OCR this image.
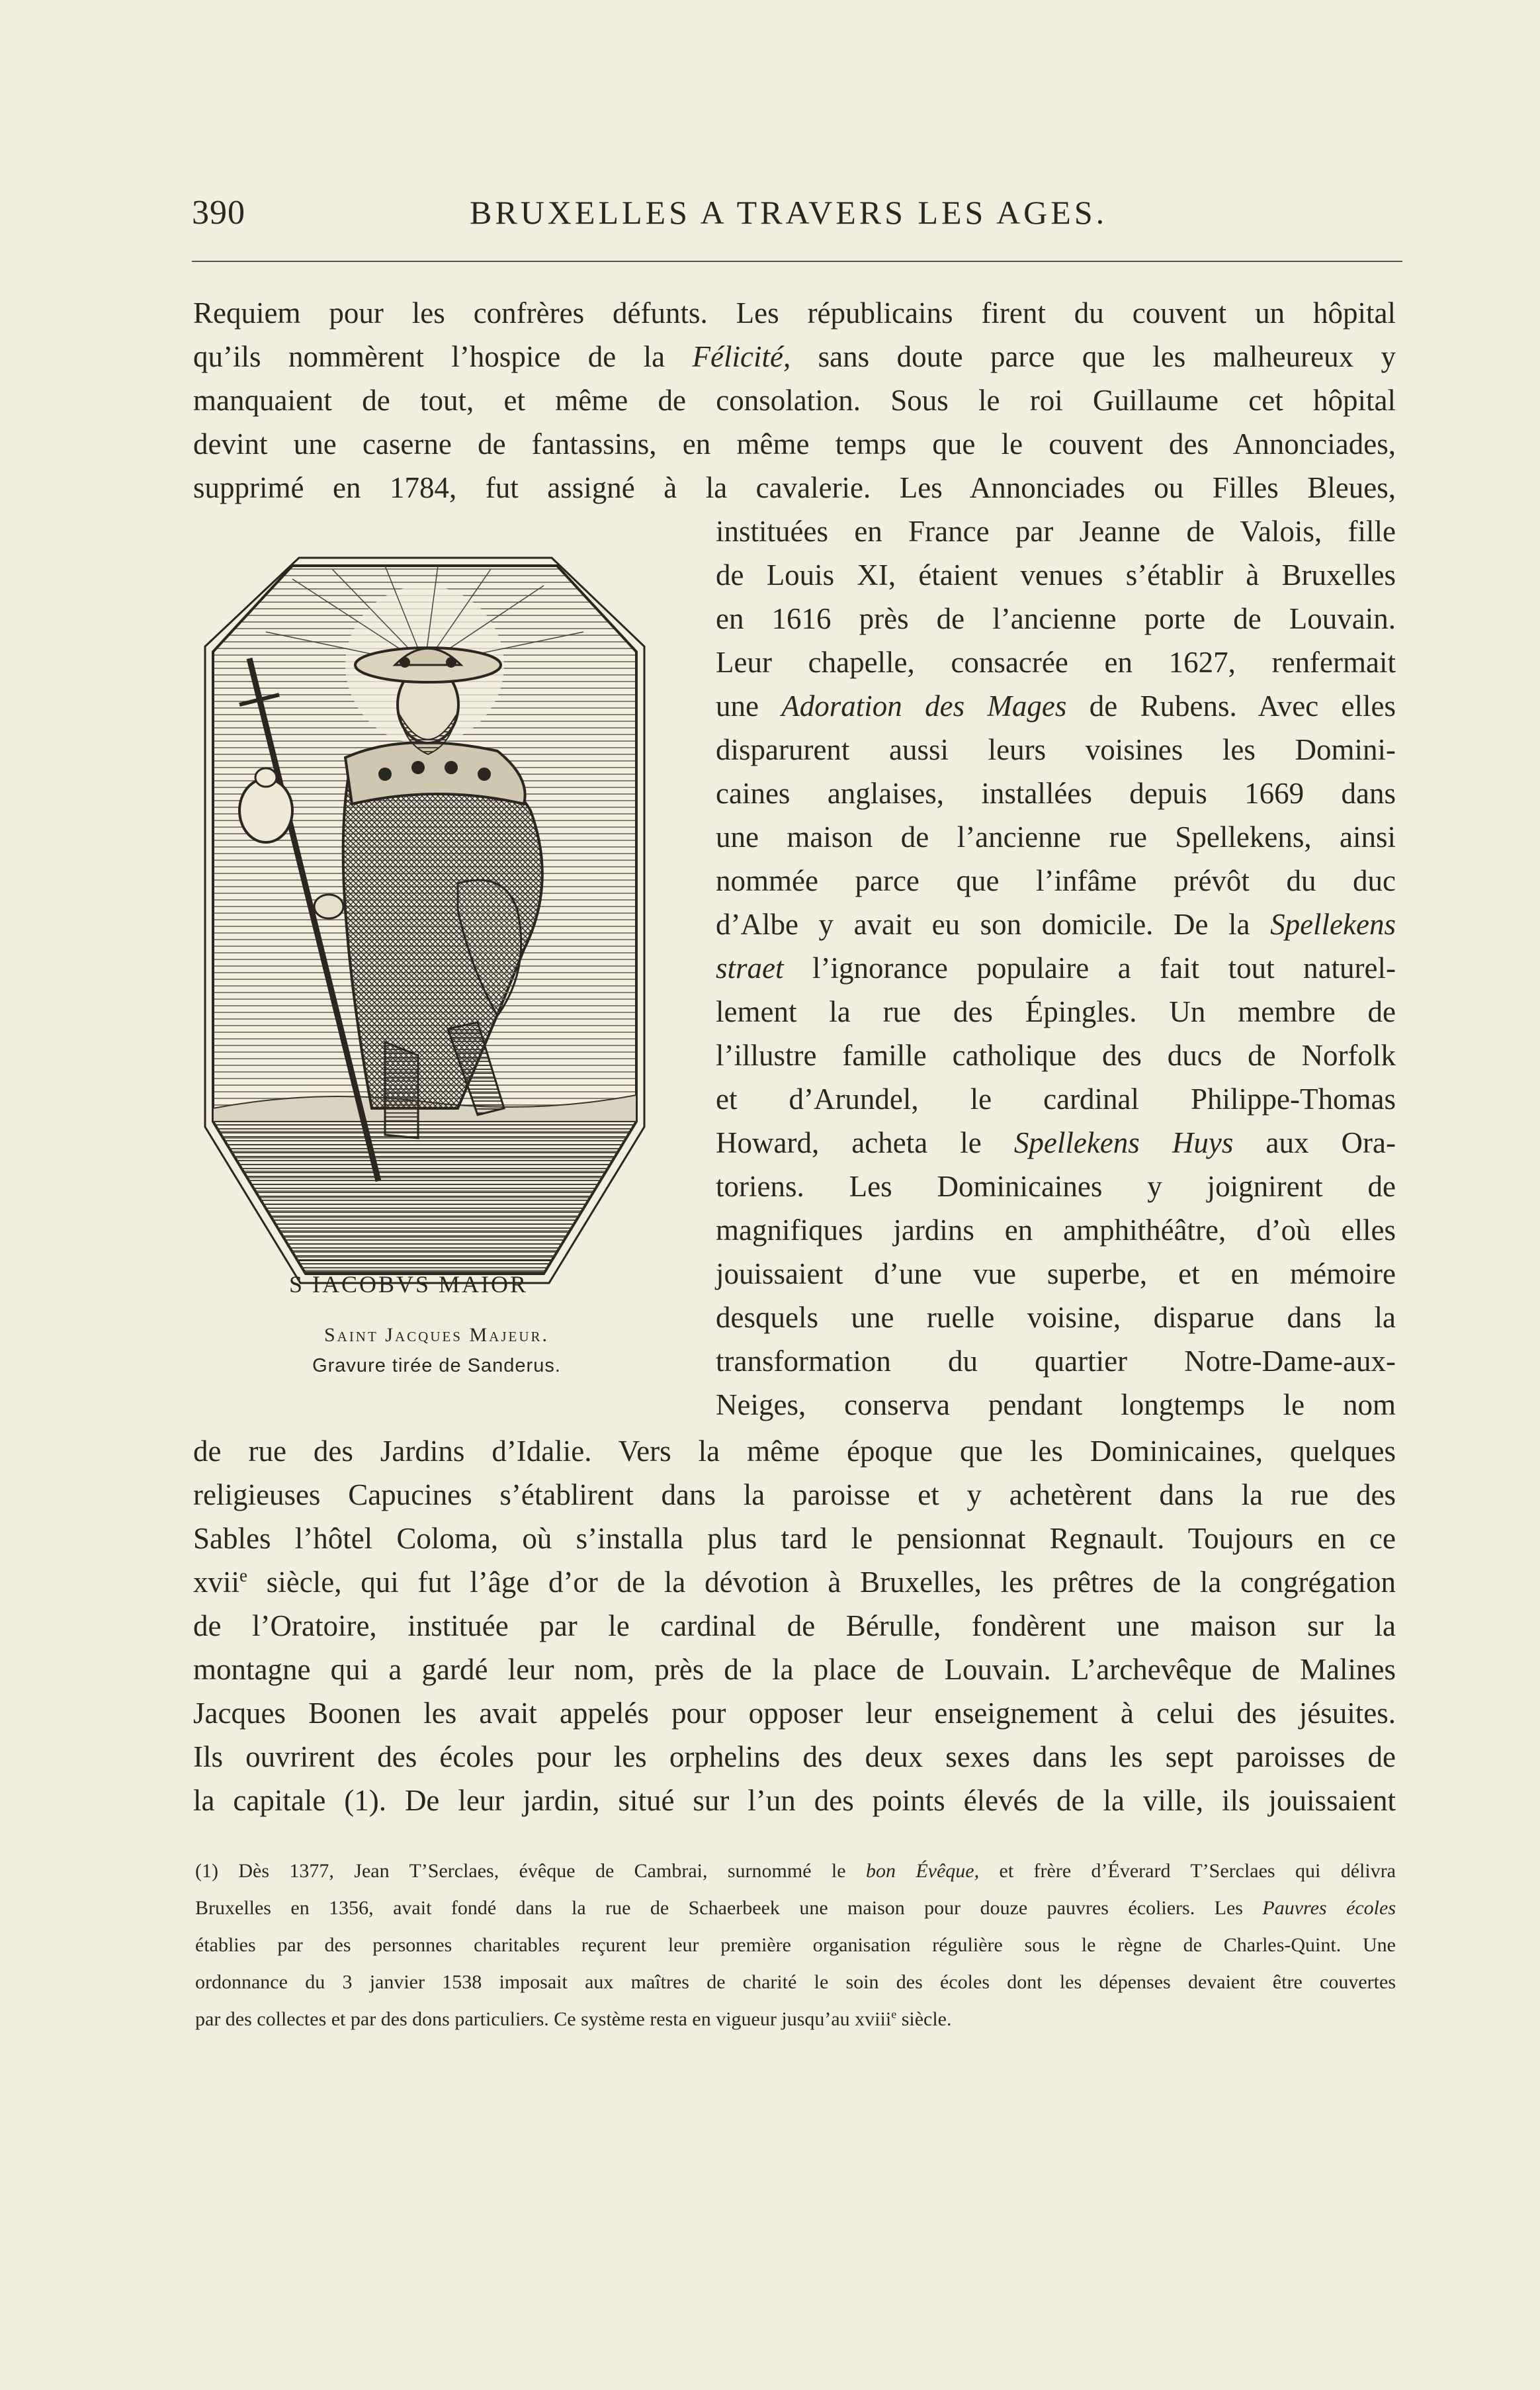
390	BRUXELLES A TRAVERS LES AGES.
Requiem pour les confrères défunts. Les républicains firent du couvent un hôpital
qu’ils nommèrent l’hospice de la Félicité, sans doute parce que les malheureux y
manquaient de tout, et même de consolation. Sous le roi Guillaume cet hôpital
devint une caserne de fantassins, en même temps que le couvent des Annonciades,
supprimé en 1784, fut assigné à la cavalerie. Les Annonciades ou Filles Bleues,
instituées en France par Jeanne de Valois, fille
de Louis XI, étaient venues s’établir à Bruxelles
en 1616 près de l’ancienne porte de Louvain.
Leur chapelle, consacrée en 1627, renfermait
une Adoration des Mages de Rubens. Avec elles
disparurent aussi leurs voisines les Domini-
caines anglaises, installées depuis 1669 dans
une maison de l’ancienne rue Spellekens, ainsi
nommée parce que l’infâme prévôt du duc
d’Albe y avait eu son domicile. De la Spellekens
straet l’ignorance populaire a fait tout naturel-
lement la rue des Épingles. Un membre de
l’illustre famille catholique des ducs de Norfolk
et d’Arundel, le cardinal Philippe-Thomas
Howard, acheta le Spellekens Huys aux Ora-
toriens. Les Dominicaines y joignirent de
magnifiques jardins en amphithéâtre, d’où elles
jouissaient d’une vue superbe, et en mémoire
desquels une ruelle voisine, disparue dans la
transformation du quartier Notre-Dame-aux-
Neiges, conserva pendant longtemps le nom
S IACOBVS MAIOR
Saint Jacques Majeur.
Gravure tirée de Sanderus.
de rue des Jardins d’Idalie. Vers la même époque que les Dominicaines, quelques
religieuses Capucines s’établirent dans la paroisse et y achetèrent dans la rue des
Sables l’hôtel Coloma, où s’installa plus tard le pensionnat Regnault. Toujours en ce
xvii$^e$ siècle, qui fut l’âge d’or de la dévotion à Bruxelles, les prêtres de la congrégation
de l’Oratoire, instituée par le cardinal de Bérulle, fondèrent une maison sur la
montagne qui a gardé leur nom, près de la place de Louvain. L’archevêque de Malines
Jacques Boonen les avait appelés pour opposer leur enseignement à celui des jésuites.
Ils ouvrirent des écoles pour les orphelins des deux sexes dans les sept paroisses de
la capitale (1). De leur jardin, situé sur l’un des points élevés de la ville, ils jouissaient
(1) Dès 1377, Jean T’Serclaes, évêque de Cambrai, surnommé le bon Évêque, et frère d’Éverard T’Serclaes qui délivra
Bruxelles en 1356, avait fondé dans la rue de Schaerbeek une maison pour douze pauvres écoliers. Les Pauvres écoles
établies par des personnes charitables reçurent leur première organisation régulière sous le règne de Charles-Quint. Une
ordonnance du 3 janvier 1538 imposait aux maîtres de charité le soin des écoles dont les dépenses devaient être couvertes
par des collectes et par des dons particuliers. Ce système resta en vigueur jusqu’au xviii$^e$ siècle.
